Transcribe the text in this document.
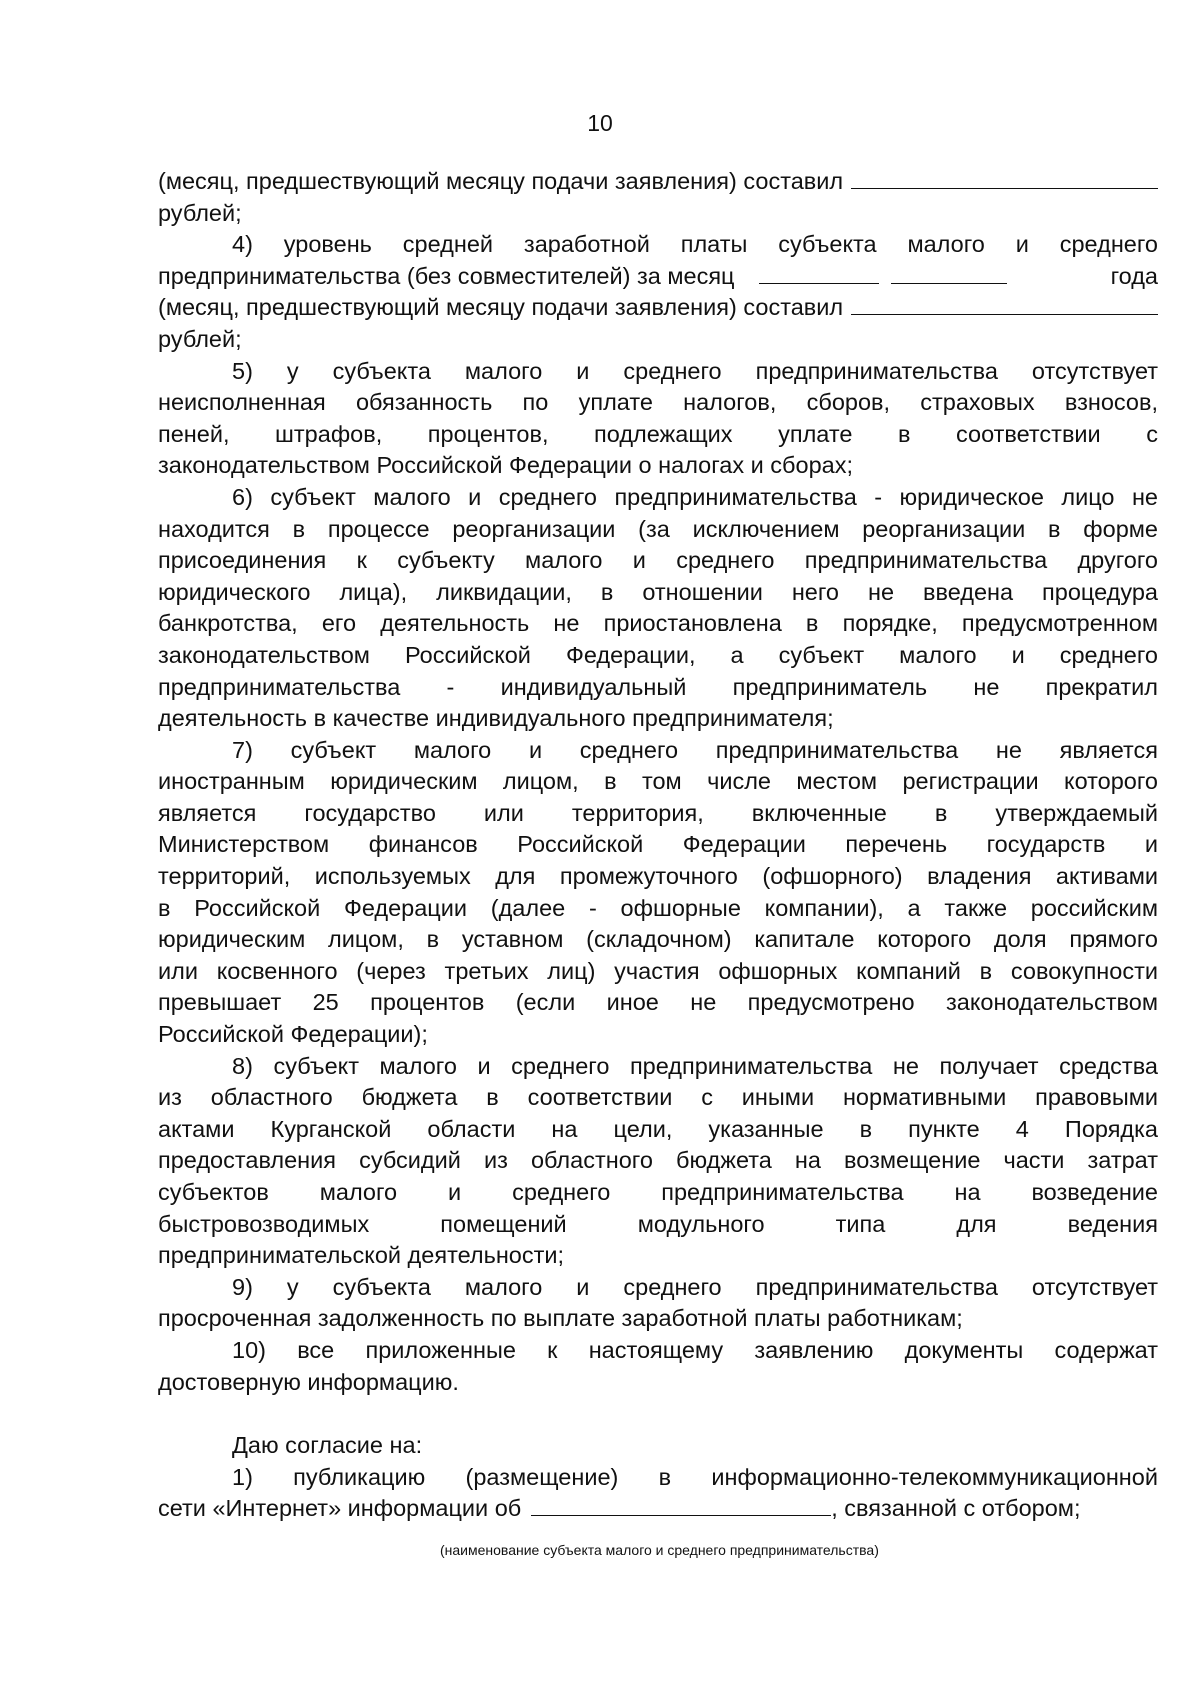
10
(месяц, предшествующий месяцу подачи заявления) составил
рублей;
4) уровень средней заработной платы субъекта малого и среднего
предпринимательства (без совместителей) за месяц	года
(месяц, предшествующий месяцу подачи заявления) составил
рублей;
5) у субъекта малого и среднего предпринимательства отсутствует
неисполненная обязанность по уплате налогов, сборов, страховых взносов,
пеней, штрафов, процентов, подлежащих уплате в соответствии с
законодательством Российской Федерации о налогах и сборах;
6) субъект малого и среднего предпринимательства - юридическое лицо не
находится в процессе реорганизации (за исключением реорганизации в форме
присоединения к субъекту малого и среднего предпринимательства другого
юридического лица), ликвидации, в отношении него не введена процедура
банкротства, его деятельность не приостановлена в порядке, предусмотренном
законодательством Российской Федерации, а субъект малого и среднего
предпринимательства - индивидуальный предприниматель не прекратил
деятельность в качестве индивидуального предпринимателя;
7) субъект малого и среднего предпринимательства не является
иностранным юридическим лицом, в том числе местом регистрации которого
является государство или территория, включенные в утверждаемый
Министерством финансов Российской Федерации перечень государств и
территорий, используемых для промежуточного (офшорного) владения активами
в Российской Федерации (далее - офшорные компании), а также российским
юридическим лицом, в уставном (складочном) капитале которого доля прямого
или косвенного (через третьих лиц) участия офшорных компаний в совокупности
превышает 25 процентов (если иное не предусмотрено законодательством
Российской Федерации);
8) субъект малого и среднего предпринимательства не получает средства
из областного бюджета в соответствии с иными нормативными правовыми
актами Курганской области на цели, указанные в пункте 4 Порядка
предоставления субсидий из областного бюджета на возмещение части затрат
субъектов малого и среднего предпринимательства на возведение
быстровозводимых помещений модульного типа для ведения
предпринимательской деятельности;
9) у субъекта малого и среднего предпринимательства отсутствует
просроченная задолженность по выплате заработной платы работникам;
10) все приложенные к настоящему заявлению документы содержат
достоверную информацию.
Даю согласие на:
1) публикацию (размещение) в информационно-телекоммуникационной
сети «Интернет» информации об	, связанной с отбором;
(наименование субъекта малого и среднего предпринимательства)
